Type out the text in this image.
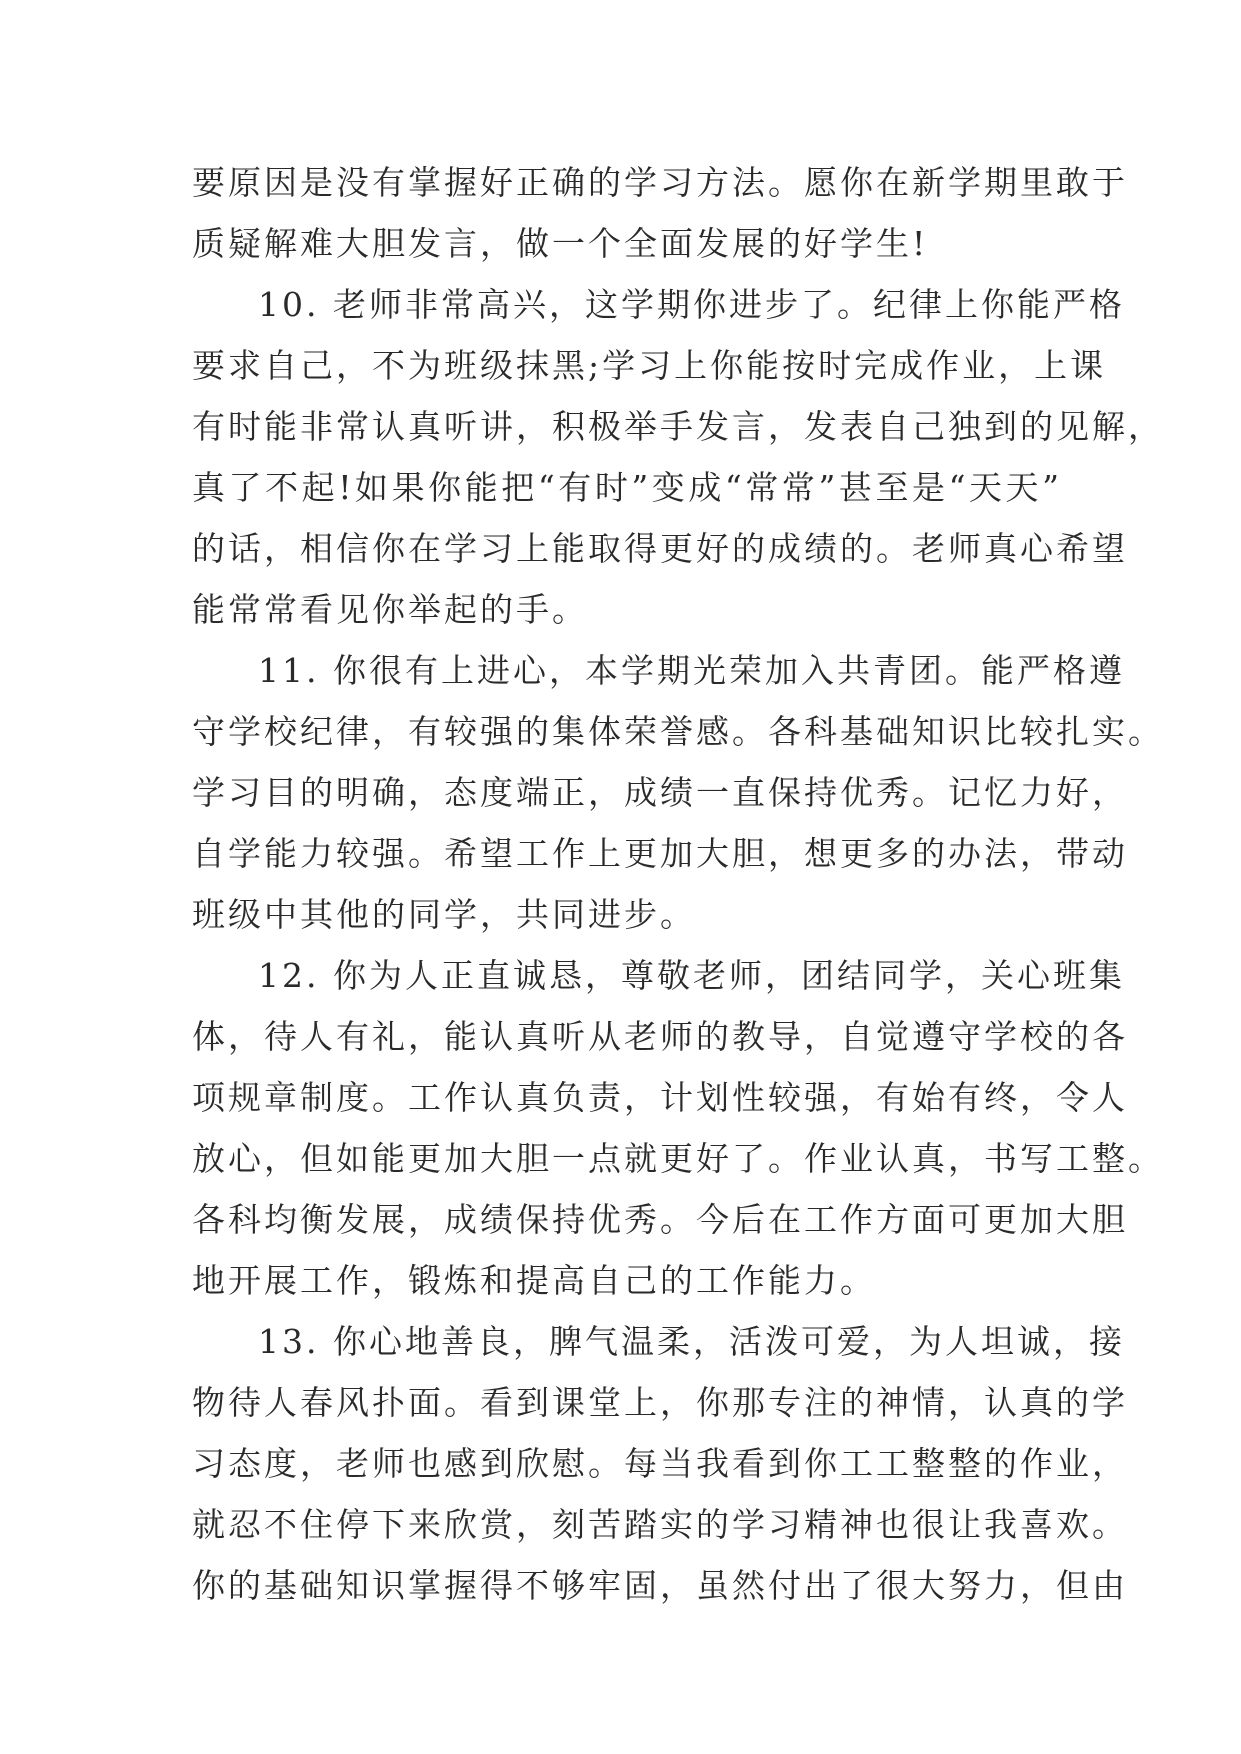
要原因是没有掌握好正确的学习方法。愿你在新学期里敢于
质疑解难大胆发言，做一个全面发展的好学生!
10. 老师非常高兴，这学期你进步了。纪律上你能严格
要求自己，不为班级抹黑;学习上你能按时完成作业，上课
有时能非常认真听讲，积极举手发言，发表自己独到的见解，
真了不起!如果你能把“有时”变成“常常”甚至是“天天”
的话，相信你在学习上能取得更好的成绩的。老师真心希望
能常常看见你举起的手。
11. 你很有上进心，本学期光荣加入共青团。能严格遵
守学校纪律，有较强的集体荣誉感。各科基础知识比较扎实。
学习目的明确，态度端正，成绩一直保持优秀。记忆力好，
自学能力较强。希望工作上更加大胆，想更多的办法，带动
班级中其他的同学，共同进步。
12. 你为人正直诚恳，尊敬老师，团结同学，关心班集
体，待人有礼，能认真听从老师的教导，自觉遵守学校的各
项规章制度。工作认真负责，计划性较强，有始有终，令人
放心，但如能更加大胆一点就更好了。作业认真，书写工整。
各科均衡发展，成绩保持优秀。今后在工作方面可更加大胆
地开展工作，锻炼和提高自己的工作能力。
13. 你心地善良，脾气温柔，活泼可爱，为人坦诚，接
物待人春风扑面。看到课堂上，你那专注的神情，认真的学
习态度，老师也感到欣慰。每当我看到你工工整整的作业，
就忍不住停下来欣赏，刻苦踏实的学习精神也很让我喜欢。
你的基础知识掌握得不够牢固，虽然付出了很大努力，但由
